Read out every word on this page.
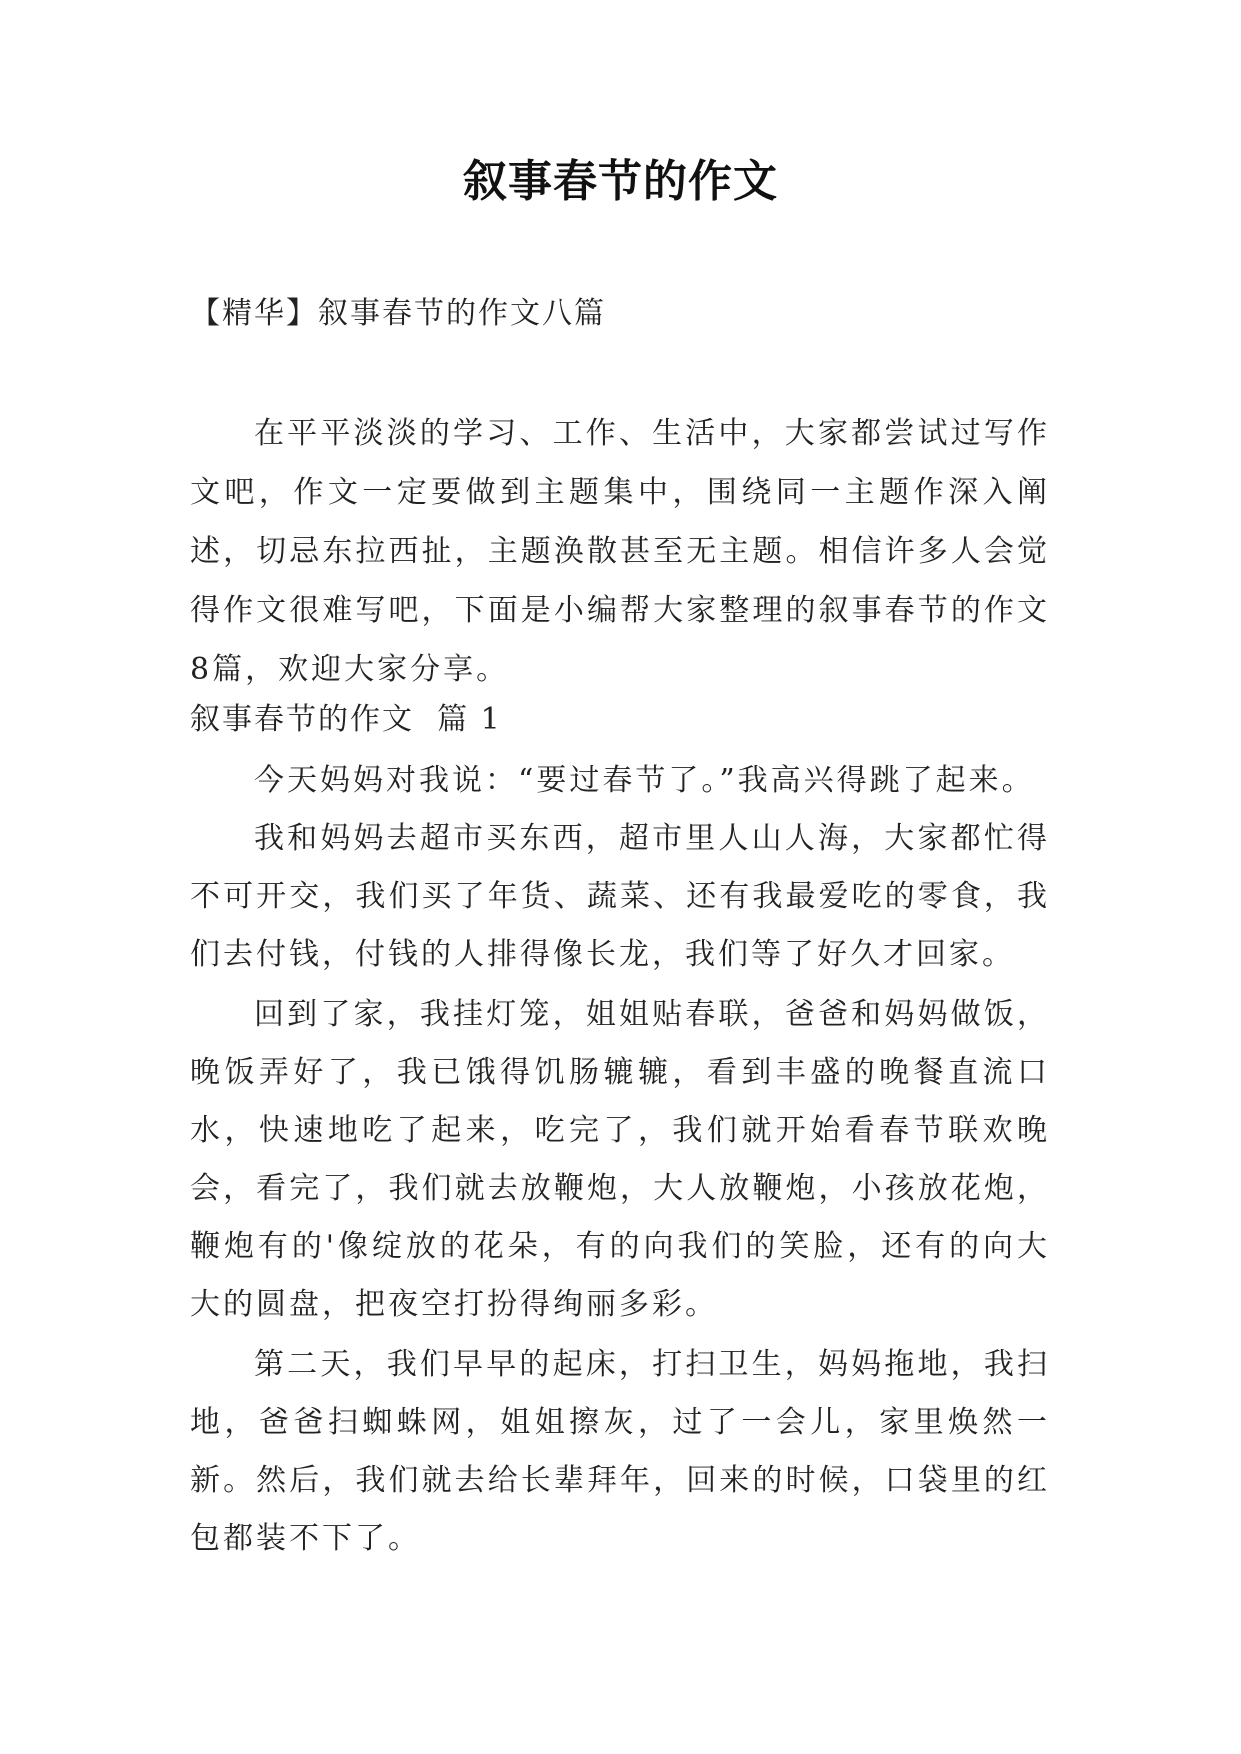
叙事春节的作文
【精华】叙事春节的作文八篇

在平平淡淡的学习、工作、生活中，大家都尝试过写作文吧，作文一定要做到主题集中，围绕同一主题作深入阐述，切忌东拉西扯，主题涣散甚至无主题。相信许多人会觉得作文很难写吧，下面是小编帮大家整理的叙事春节的作文8篇，欢迎大家分享。

叙事春节的作文  篇 1

今天妈妈对我说：“要过春节了。”我高兴得跳了起来。

我和妈妈去超市买东西，超市里人山人海，大家都忙得不可开交，我们买了年货、蔬菜、还有我最爱吃的零食，我们去付钱，付钱的人排得像长龙，我们等了好久才回家。

回到了家，我挂灯笼，姐姐贴春联，爸爸和妈妈做饭，晚饭弄好了，我已饿得饥肠辘辘，看到丰盛的晚餐直流口水，快速地吃了起来，吃完了，我们就开始看春节联欢晚会，看完了，我们就去放鞭炮，大人放鞭炮，小孩放花炮，鞭炮有的'像绽放的花朵，有的向我们的笑脸，还有的向大大的圆盘，把夜空打扮得绚丽多彩。

第二天，我们早早的起床，打扫卫生，妈妈拖地，我扫地，爸爸扫蜘蛛网，姐姐擦灰，过了一会儿，家里焕然一新。然后，我们就去给长辈拜年，回来的时候，口袋里的红包都装不下了。
